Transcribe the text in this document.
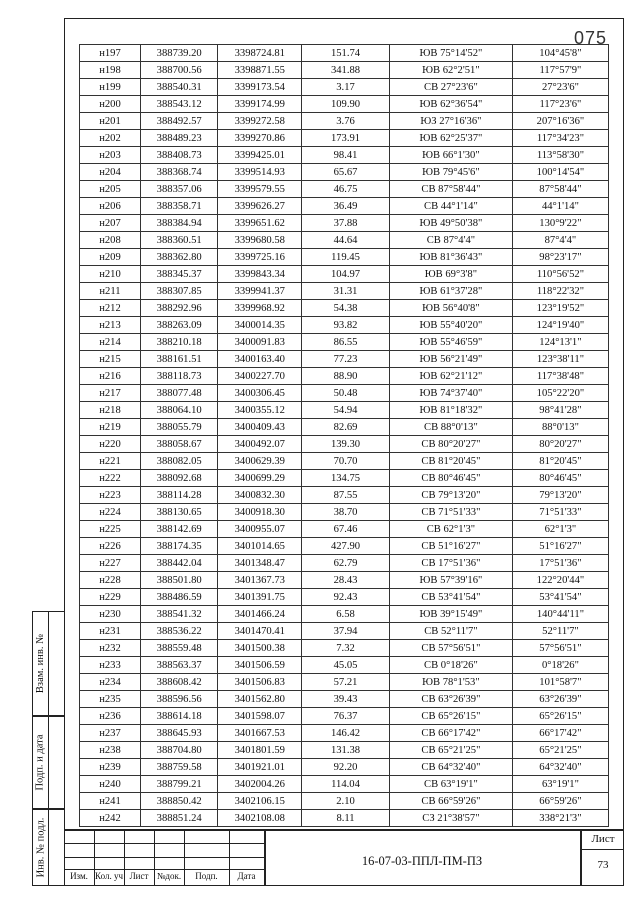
075
н197	388739.20	3398724.81	151.74	ЮВ 75°14'52"	104°45'8"
н198	388700.56	3398871.55	341.88	ЮВ 62°2'51"	117°57'9"
н199	388540.31	3399173.54	3.17	СВ 27°23'6"	27°23'6"
н200	388543.12	3399174.99	109.90	ЮВ 62°36'54"	117°23'6"
н201	388492.57	3399272.58	3.76	ЮЗ 27°16'36"	207°16'36"
н202	388489.23	3399270.86	173.91	ЮВ 62°25'37"	117°34'23"
н203	388408.73	3399425.01	98.41	ЮВ 66°1'30"	113°58'30"
н204	388368.74	3399514.93	65.67	ЮВ 79°45'6"	100°14'54"
н205	388357.06	3399579.55	46.75	СВ 87°58'44"	87°58'44"
н206	388358.71	3399626.27	36.49	СВ 44°1'14"	44°1'14"
н207	388384.94	3399651.62	37.88	ЮВ 49°50'38"	130°9'22"
н208	388360.51	3399680.58	44.64	СВ 87°4'4"	87°4'4"
н209	388362.80	3399725.16	119.45	ЮВ 81°36'43"	98°23'17"
н210	388345.37	3399843.34	104.97	ЮВ 69°3'8"	110°56'52"
н211	388307.85	3399941.37	31.31	ЮВ 61°37'28"	118°22'32"
н212	388292.96	3399968.92	54.38	ЮВ 56°40'8"	123°19'52"
н213	388263.09	3400014.35	93.82	ЮВ 55°40'20"	124°19'40"
н214	388210.18	3400091.83	86.55	ЮВ 55°46'59"	124°13'1"
н215	388161.51	3400163.40	77.23	ЮВ 56°21'49"	123°38'11"
н216	388118.73	3400227.70	88.90	ЮВ 62°21'12"	117°38'48"
н217	388077.48	3400306.45	50.48	ЮВ 74°37'40"	105°22'20"
н218	388064.10	3400355.12	54.94	ЮВ 81°18'32"	98°41'28"
н219	388055.79	3400409.43	82.69	СВ 88°0'13"	88°0'13"
н220	388058.67	3400492.07	139.30	СВ 80°20'27"	80°20'27"
н221	388082.05	3400629.39	70.70	СВ 81°20'45"	81°20'45"
н222	388092.68	3400699.29	134.75	СВ 80°46'45"	80°46'45"
н223	388114.28	3400832.30	87.55	СВ 79°13'20"	79°13'20"
н224	388130.65	3400918.30	38.70	СВ 71°51'33"	71°51'33"
н225	388142.69	3400955.07	67.46	СВ 62°1'3"	62°1'3"
н226	388174.35	3401014.65	427.90	СВ 51°16'27"	51°16'27"
н227	388442.04	3401348.47	62.79	СВ 17°51'36"	17°51'36"
н228	388501.80	3401367.73	28.43	ЮВ 57°39'16"	122°20'44"
н229	388486.59	3401391.75	92.43	СВ 53°41'54"	53°41'54"
н230	388541.32	3401466.24	6.58	ЮВ 39°15'49"	140°44'11"
н231	388536.22	3401470.41	37.94	СВ 52°11'7"	52°11'7"
н232	388559.48	3401500.38	7.32	СВ 57°56'51"	57°56'51"
н233	388563.37	3401506.59	45.05	СВ 0°18'26"	0°18'26"
н234	388608.42	3401506.83	57.21	ЮВ 78°1'53"	101°58'7"
н235	388596.56	3401562.80	39.43	СВ 63°26'39"	63°26'39"
н236	388614.18	3401598.07	76.37	СВ 65°26'15"	65°26'15"
н237	388645.93	3401667.53	146.42	СВ 66°17'42"	66°17'42"
н238	388704.80	3401801.59	131.38	СВ 65°21'25"	65°21'25"
н239	388759.58	3401921.01	92.20	СВ 64°32'40"	64°32'40"
н240	388799.21	3402004.26	114.04	СВ 63°19'1"	63°19'1"
н241	388850.42	3402106.15	2.10	СВ 66°59'26"	66°59'26"
н242	388851.24	3402108.08	8.11	СЗ 21°38'57"	338°21'3"
Взам. инв. №
Подп. и дата
Инв. № подл.	Изм. Кол. уч Лист №док.	Подп.	Дата
16-07-03-ППЛ-ПМ-ПЗ
Лист
73
